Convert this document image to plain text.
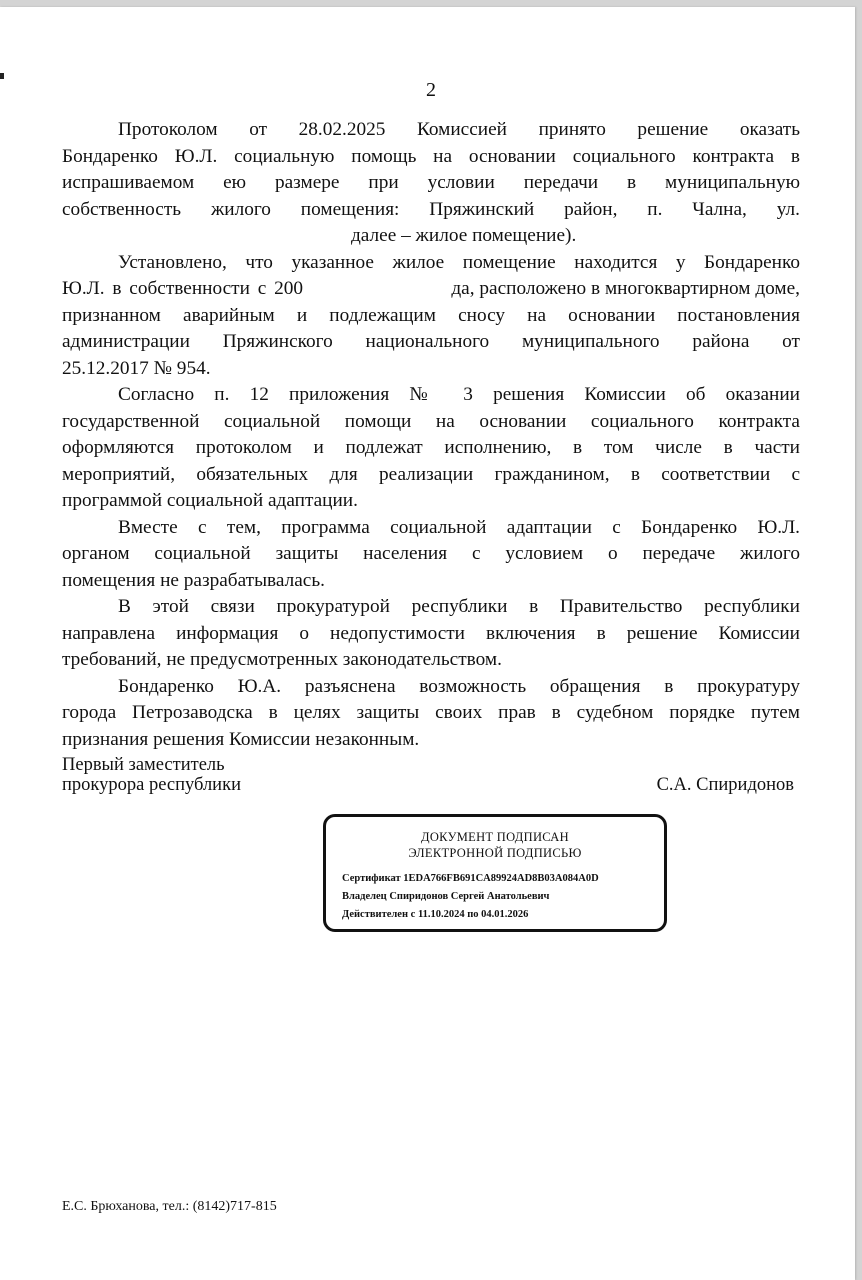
2

Протоколом от 28.02.2025 Комиссией принято решение оказать
Бондаренко Ю.Л. социальную помощь на основании социального контракта в
испрашиваемом ею размере при условии передачи в муниципальную
собственность жилого помещения: Пряжинский район, п. Чална, ул.
далее – жилое помещение).

Установлено, что указанное жилое помещение находится у Бондаренко
Ю.Л. в собственности с 200	да, расположено в многоквартирном доме,
признанном аварийным и подлежащим сносу на основании постановления
администрации Пряжинского национального муниципального района от
25.12.2017 № 954.

Согласно п. 12 приложения № 3 решения Комиссии об оказании
государственной социальной помощи на основании социального контракта
оформляются протоколом и подлежат исполнению, в том числе в части
мероприятий, обязательных для реализации гражданином, в соответствии с
программой социальной адаптации.

Вместе с тем, программа социальной адаптации с Бондаренко Ю.Л.
органом социальной защиты населения с условием о передаче жилого
помещения не разрабатывалась.

В этой связи прокуратурой республики в Правительство республики
направлена информация о недопустимости включения в решение Комиссии
требований, не предусмотренных законодательством.

Бондаренко Ю.А. разъяснена возможность обращения в прокуратуру
города Петрозаводска в целях защиты своих прав в судебном порядке путем
признания решения Комиссии незаконным.

Первый заместитель
прокурора республики	С.А. Спиридонов
ДОКУМЕНТ ПОДПИСАН
ЭЛЕКТРОННОЙ ПОДПИСЬЮ
Сертификат 1EDA766FB691CA89924AD8B03A084A0D
Владелец Спиридонов Сергей Анатольевич
Действителен с 11.10.2024 по 04.01.2026
Е.С. Брюханова, тел.: (8142)717-815
